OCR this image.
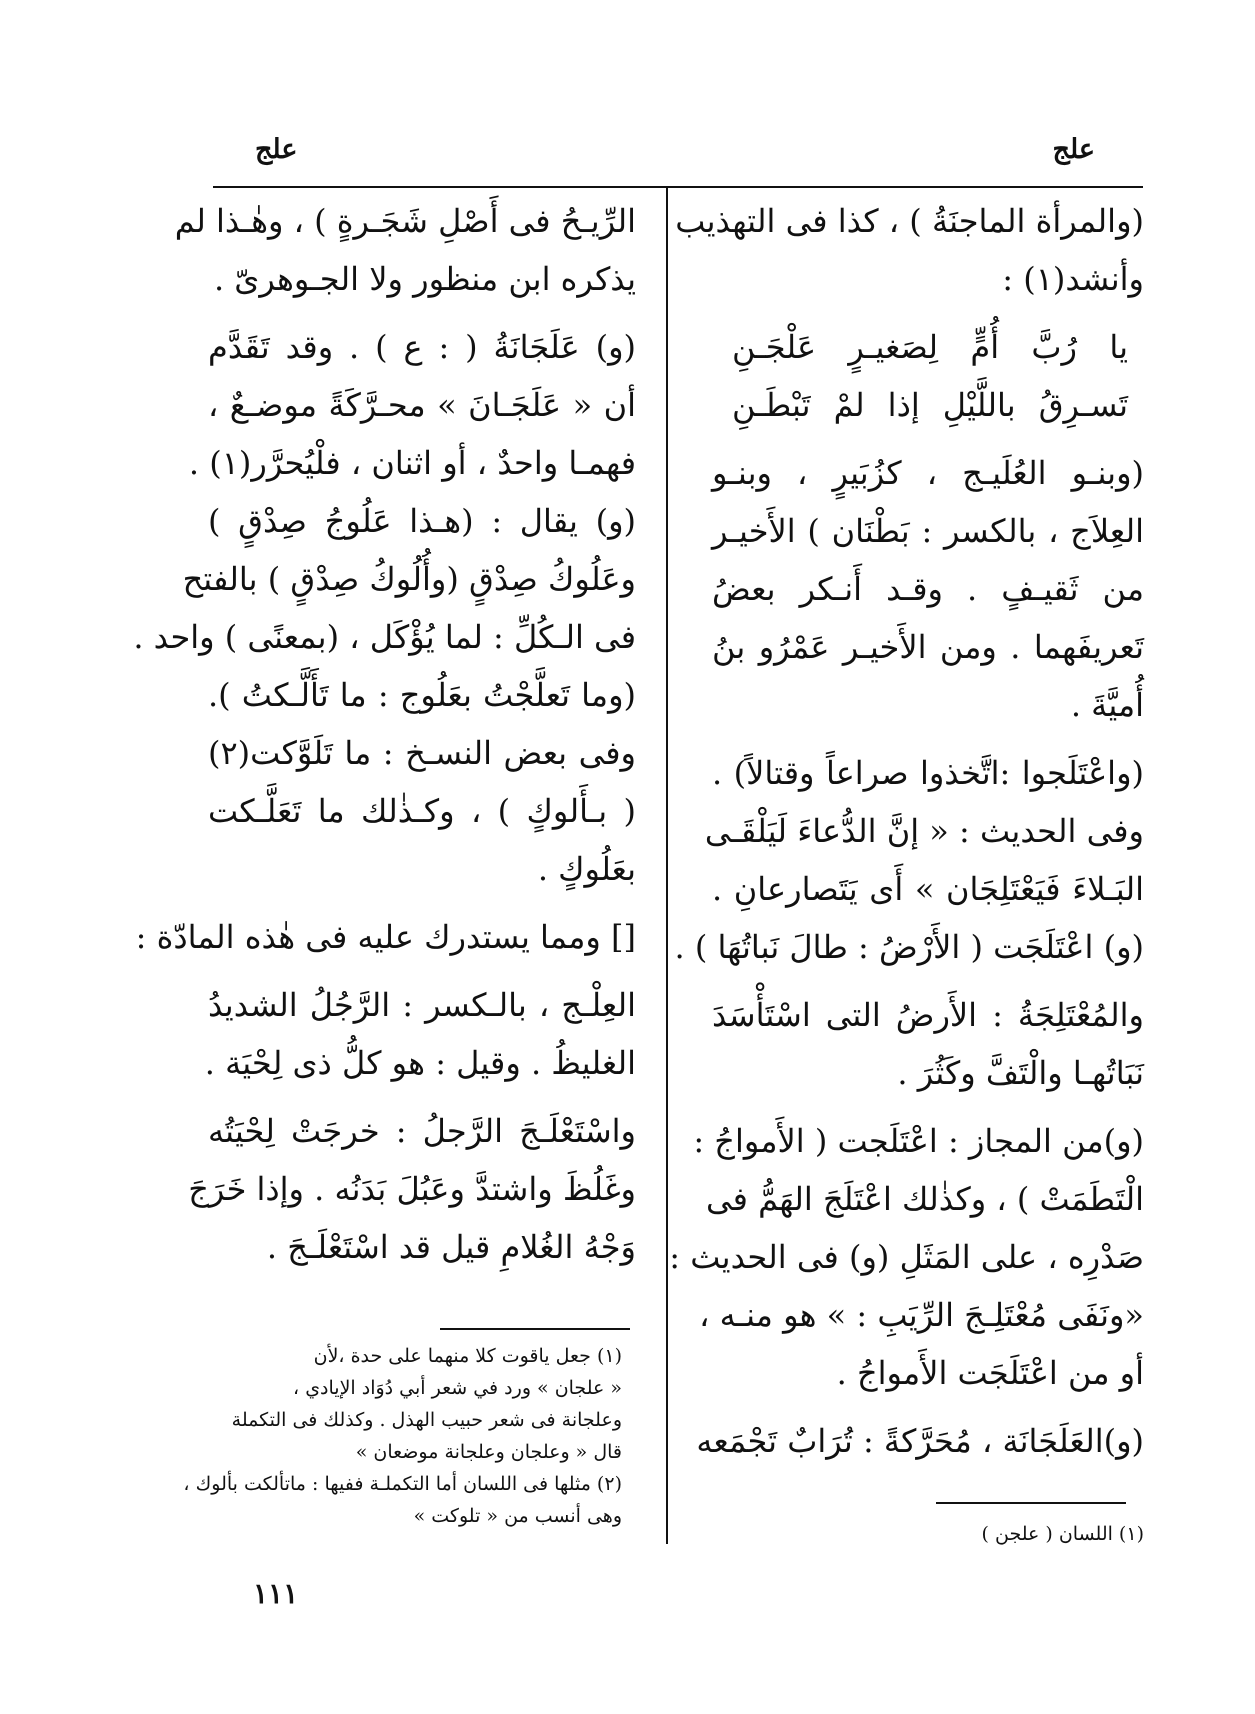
علج
علج
(والمرأة الماجنَةُ ) ، كذا فى التهذيب
وأنشد(١) :
يا رُبَّ أُمٍّ لِصَغيـرٍ عَلْجَـنِ
تَسـرِقُ باللَّيْلِ إذا لمْ تَبْطَـنِ
(وبنـو العُلَيـج ، كزُبَيرٍ ، وبنـو
العِلاَج ، بالكسر : بَطْنَان ) الأَخيـر
من ثَقيـفٍ . وقـد أَنـكر بعضُ
تَعريفَهما . ومن الأَخيـر عَمْرُو بنُ
أُميَّةَ .
(واعْتَلَجوا :اتَّخذوا صراعاً وقتالاً) .
وفى الحديث : « إنَّ الدُّعاءَ لَيَلْقَـى
البَـلاءَ فَيَعْتَلِجَان » أَى يَتَصارعانِ .
(و) اعْتَلَجَت ( الأَرْضُ : طالَ نَباتُهَا ) .
والمُعْتَلِجَةُ : الأَرضُ التى اسْتَأْسَدَ
نَبَاتُهـا والْتَفَّ وكَثُرَ .
(و)من المجاز : اعْتَلَجت ( الأَمواجُ :
الْتَطَمَتْ ) ، وكذٰلك اعْتَلَجَ الهَمُّ فى
صَدْرِه ، على المَثَلِ (و) فى الحديث :
«ونَفَى مُعْتَلِـجَ الرِّيَبِ : » هو منـه ،
أو من اعْتَلَجَت الأَمواجُ .
(و)العَلَجَانَة ، مُحَرَّكةً : تُرَابٌ تَجْمَعه
الرِّيـحُ فى أَصْلِ شَجَـرةٍ ) ، وهٰـذا لم
يذكره ابن منظور ولا الجـوهرىّ .
(و) عَلَجَانَةُ ( : ع ) . وقد تَقَدَّم
أن « عَلَجَـانَ » محـرَّكَةً موضـعٌ ،
فهمـا واحدٌ ، أو اثنان ، فلْيُحرَّر(١) .
(و) يقال : (هـذا عَلُوجُ صِدْقٍ )
وعَلُوكُ صِدْقٍ (وأُلُوكُ صِدْقٍ ) بالفتح
فى الـكُلِّ : لما يُؤْكَل ، (بمعنًى ) واحد .
(وما تَعلَّجْتُ بعَلُوج : ما تَأَلَّـكتُ ).
وفى بعض النسـخ : ما تَلَوَّكت(٢)
( بـأَلوكٍ ) ، وكـذٰلك ما تَعَلَّـكت
بعَلُوكٍ .
[] ومما يستدرك عليه فى هٰذه المادّة :
العِلْـج ، بالـكسر : الرَّجُلُ الشديدُ
الغليظُ . وقيل : هو كلُّ ذى لِحْيَة .
واسْتَعْلَـجَ الرَّجلُ : خرجَتْ لِحْيَتُه
وغَلُظَ واشتدَّ وعَبُلَ بَدَنُه . وإذا خَرَجَ
وَجْهُ الغُلامِ قيل قد اسْتَعْلَـجَ .
(١) جعل ياقوت كلا منهما على حدة ،لأن
« علجان » ورد في شعر أبي دُوَاد الإيادي ،
وعلجانة فى شعر حبيب الهذل . وكذلك فى التكملة
قال « وعلجان وعلجانة موضعان »
(٢) مثلها فى اللسان أما التكملـة ففيها : ماتألكت بألوك ،
وهى أنسب من « تلوكت »
(١) اللسان ( علجن )
١١١
